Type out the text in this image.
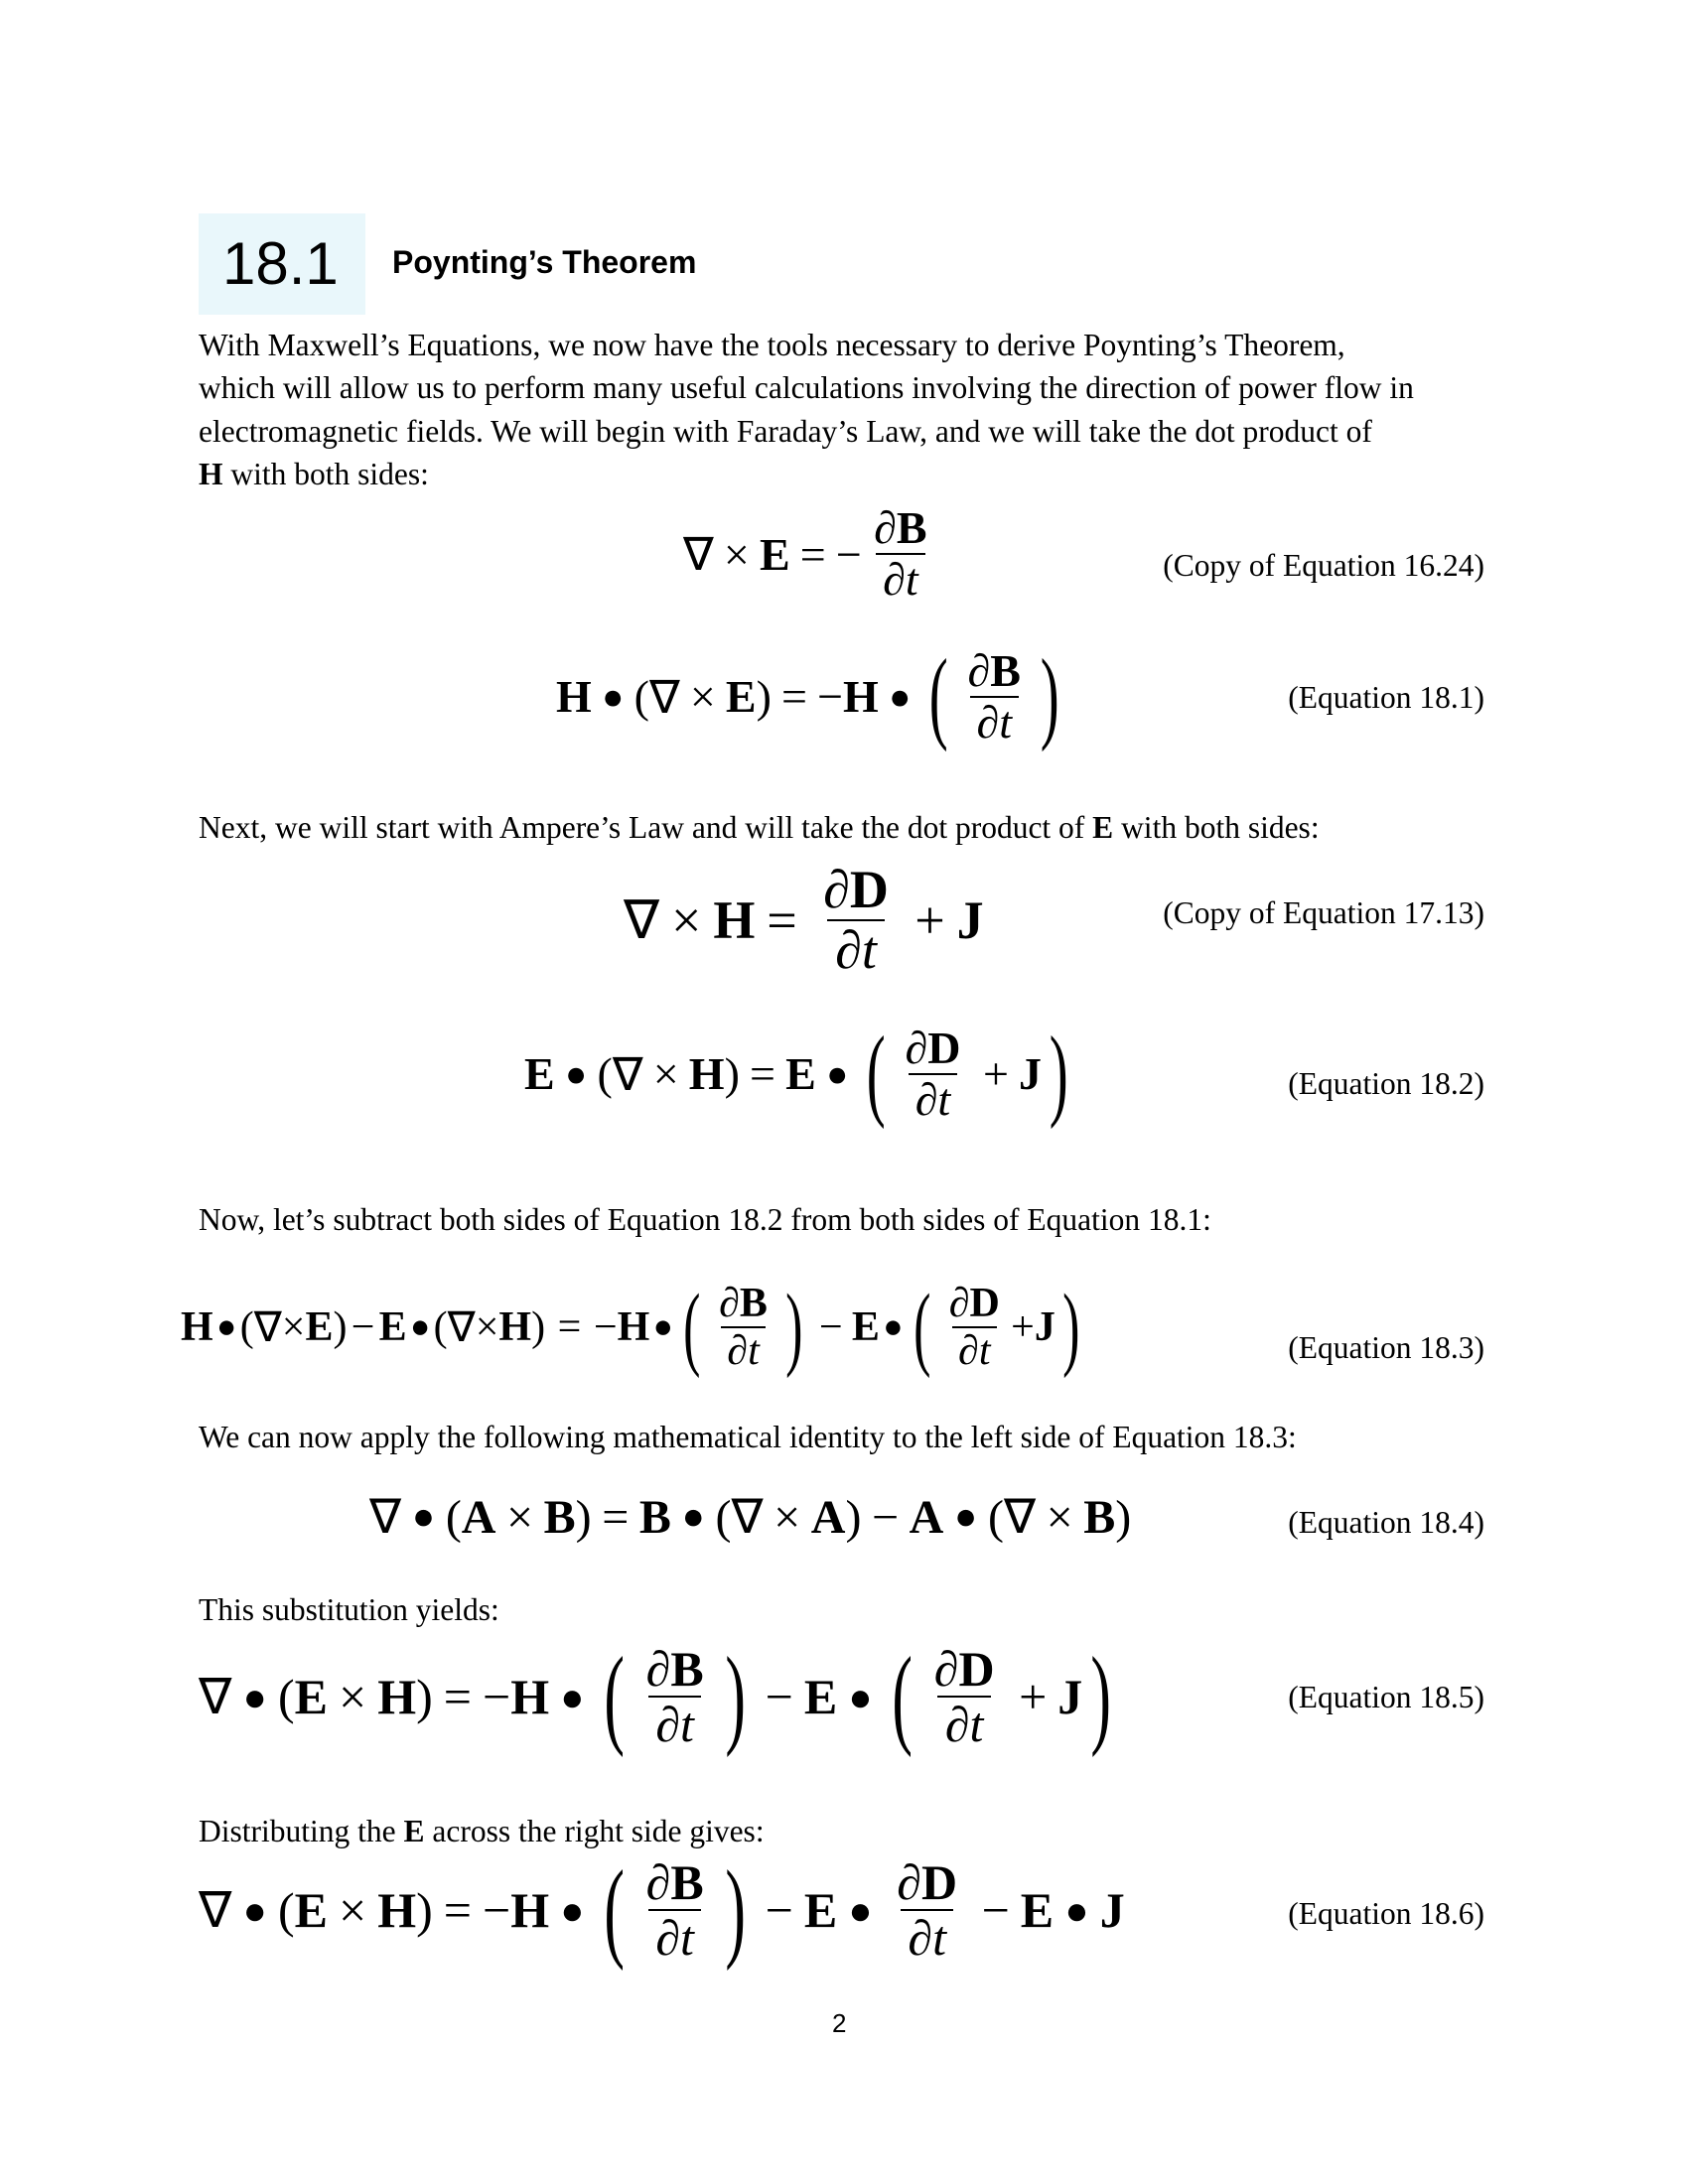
18.1 Poynting’s Theorem
With Maxwell’s Equations, we now have the tools necessary to derive Poynting’s Theorem,
which will allow us to perform many useful calculations involving the direction of power flow in
electromagnetic fields. We will begin with Faraday’s Law, and we will take the dot product of
H with both sides:
∇ × E = − $\frac{\partial B}{\partial t}$	(Copy of Equation 16.24)
H ● ( ∇ × E ) = − H ● ( $\frac{\partial B}{\partial t}$ )	(Equation 18.1)
Next, we will start with Ampere’s Law and will take the dot product of E with both sides:
∇ × $H = \frac{\partial D}{\partial t} + J$	(Copy of Equation 17.13)
E ● ( ∇ × H ) = E ● ( $\frac{\partial D}{\partial t} + J$ )	(Equation 18.2)
Now, let’s subtract both sides of Equation 18.2 from both sides of Equation 18.1:
H ● ( ∇ × E ) − E ● ( ∇ × H ) = − H ● ( $\frac{\partial B}{\partial t}$ ) − E ● ( $\frac{\partial D}{\partial t} + J$ )	(Equation 18.3)
We can now apply the following mathematical identity to the left side of Equation 18.3:
∇ ● ( A × B ) = B ● ( ∇ × A ) − A ● ( ∇ × B )	(Equation 18.4)
This substitution yields:
∇ ● ( E × H ) = − H ● ( $\frac{\partial B}{\partial t}$ ) − E ● ( $\frac{\partial D}{\partial t} + J$ )	(Equation 18.5)
Distributing the E across the right side gives:
∇ ● ( E × H ) = − H ● ( $\frac{\partial B}{\partial t}$ ) − E ● $\frac{\partial D}{\partial t} - E$ ● J	(Equation 18.6)
2
